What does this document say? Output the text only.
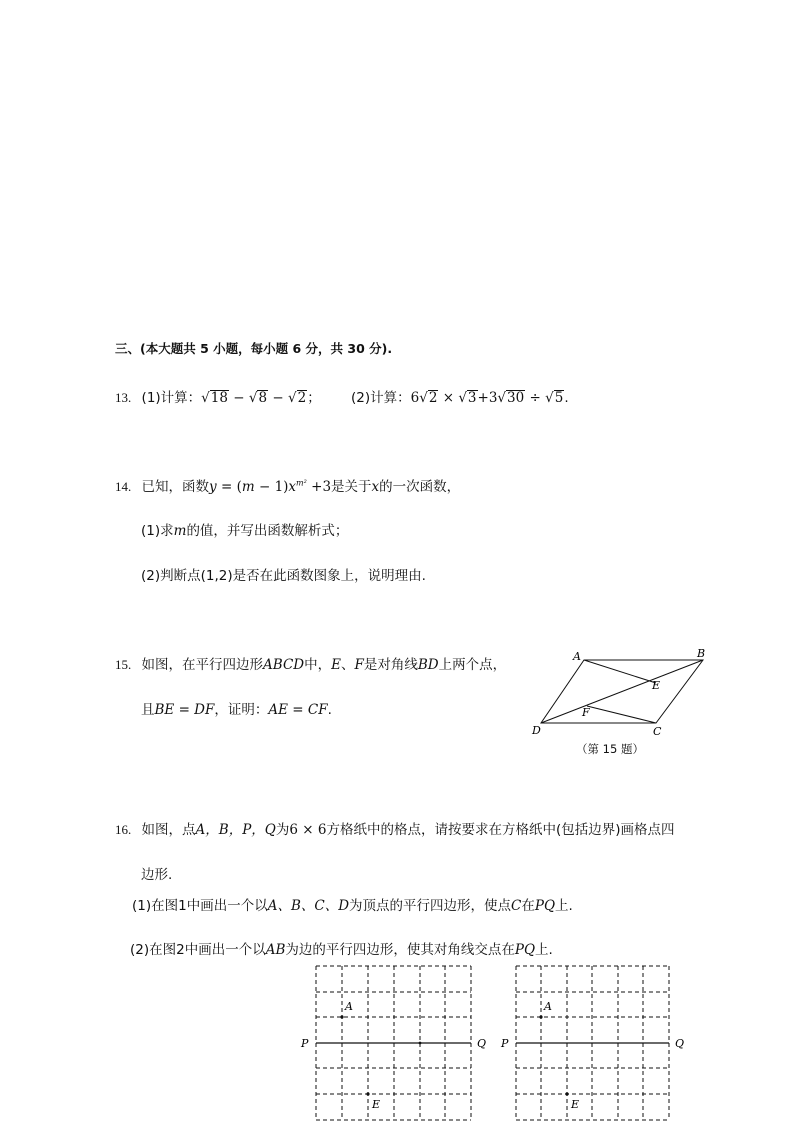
三、(本大题共 5 小题，每小题 6 分，共 30 分).
13. (1)计算：√18 − √8 − √2； (2)计算：6√2 × √3+3√30 ÷ √5.
14. 已知，函数$y = (m - 1)x^{m^2} +3$是关于x的一次函数，
(1)求m的值，并写出函数解析式；
(2)判断点(1,2)是否在此函数图象上，说明理由.
15. 如图，在平行四边形ABCD中，E、F是对角线BD上两个点，
且BE = DF，证明：AE = CF.
A	B
C
D
E
F
（第 15 题）
16. 如图，点A，B，P，Q为6 × 6方格纸中的格点，请按要求在方格纸中(包括边界)画格点四
边形.
(1)在图1中画出一个以A、B、C、D为顶点的平行四边形，使点C在PQ上.
(2)在图2中画出一个以AB为边的平行四边形，使其对角线交点在PQ上.
P	Q
A
E
P	Q
A
E
